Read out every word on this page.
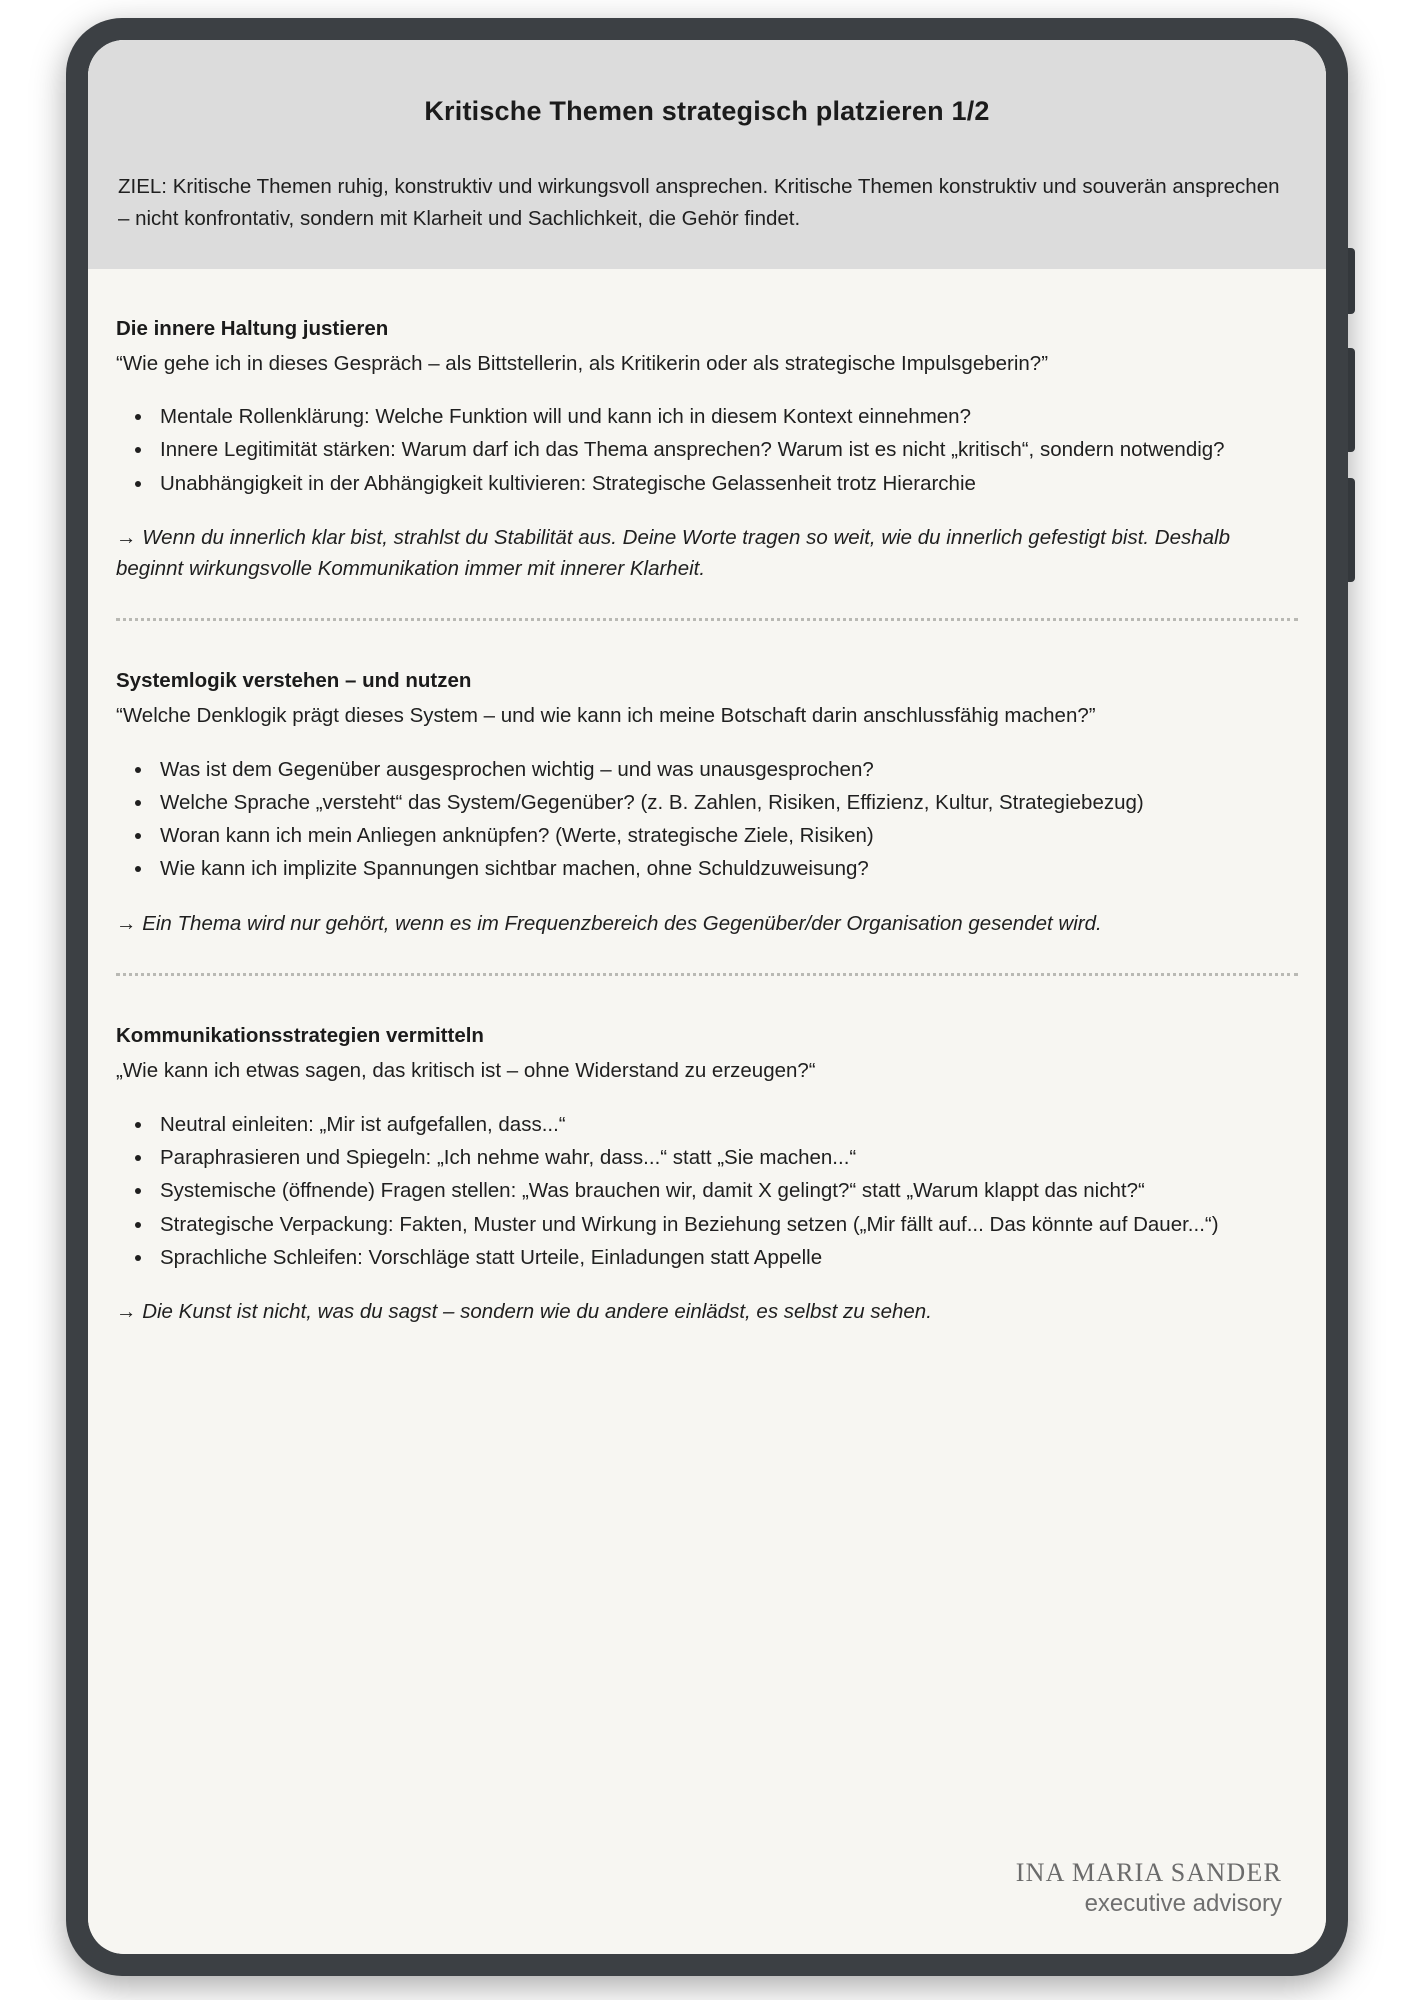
Kritische Themen strategisch platzieren 1/2

ZIEL: Kritische Themen ruhig, konstruktiv und wirkungsvoll ansprechen. Kritische Themen konstruktiv und souverän ansprechen – nicht konfrontativ, sondern mit Klarheit und Sachlichkeit, die Gehör findet.

Die innere Haltung justieren

“Wie gehe ich in dieses Gespräch – als Bittstellerin, als Kritikerin oder als strategische Impulsgeberin?”

• Mentale Rollenklärung: Welche Funktion will und kann ich in diesem Kontext einnehmen?
• Innere Legitimität stärken: Warum darf ich das Thema ansprechen? Warum ist es nicht „kritisch“, sondern notwendig?
• Unabhängigkeit in der Abhängigkeit kultivieren: Strategische Gelassenheit trotz Hierarchie

→ Wenn du innerlich klar bist, strahlst du Stabilität aus. Deine Worte tragen so weit, wie du innerlich gefestigt bist. Deshalb beginnt wirkungsvolle Kommunikation immer mit innerer Klarheit.

Systemlogik verstehen – und nutzen

“Welche Denklogik prägt dieses System – und wie kann ich meine Botschaft darin anschlussfähig machen?”

• Was ist dem Gegenüber ausgesprochen wichtig – und was unausgesprochen?
• Welche Sprache „versteht“ das System/Gegenüber? (z. B. Zahlen, Risiken, Effizienz, Kultur, Strategiebezug)
• Woran kann ich mein Anliegen anknüpfen? (Werte, strategische Ziele, Risiken)
• Wie kann ich implizite Spannungen sichtbar machen, ohne Schuldzuweisung?

→ Ein Thema wird nur gehört, wenn es im Frequenzbereich des Gegenüber/der Organisation gesendet wird.

Kommunikationsstrategien vermitteln

„Wie kann ich etwas sagen, das kritisch ist – ohne Widerstand zu erzeugen?“

• Neutral einleiten: „Mir ist aufgefallen, dass...“
• Paraphrasieren und Spiegeln: „Ich nehme wahr, dass...“ statt „Sie machen...“
• Systemische (öffnende) Fragen stellen: „Was brauchen wir, damit X gelingt?“ statt „Warum klappt das nicht?“
• Strategische Verpackung: Fakten, Muster und Wirkung in Beziehung setzen („Mir fällt auf... Das könnte auf Dauer...“)
• Sprachliche Schleifen: Vorschläge statt Urteile, Einladungen statt Appelle

→ Die Kunst ist nicht, was du sagst – sondern wie du andere einlädst, es selbst zu sehen.

INA MARIA SANDER
executive advisory
